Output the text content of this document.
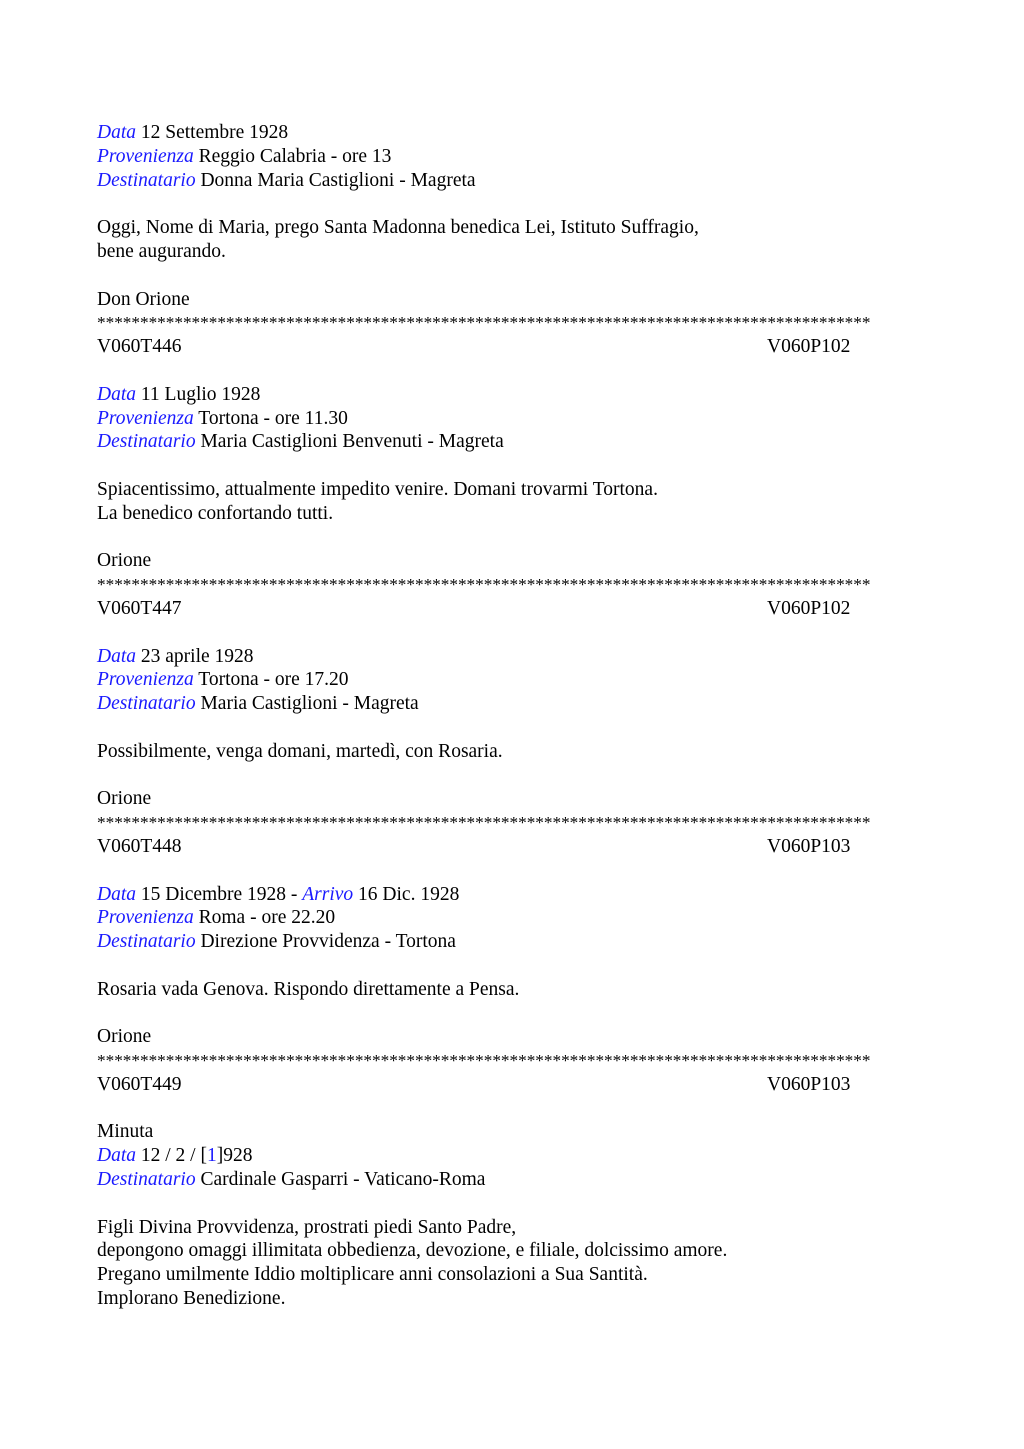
Data 12 Settembre 1928
Provenienza Reggio Calabria - ore 13
Destinatario Donna Maria Castiglioni - Magreta
Oggi, Nome di Maria, prego Santa Madonna benedica Lei, Istituto Suffragio,
bene augurando.
Don Orione
******************************************************************************************
V060T446	V060P102
Data 11 Luglio 1928
Provenienza Tortona - ore 11.30
Destinatario Maria Castiglioni Benvenuti - Magreta
Spiacentissimo, attualmente impedito venire. Domani trovarmi Tortona.
La benedico confortando tutti.
Orione
******************************************************************************************
V060T447	V060P102
Data 23 aprile 1928
Provenienza Tortona - ore 17.20
Destinatario Maria Castiglioni - Magreta
Possibilmente, venga domani, martedì, con Rosaria.
Orione
******************************************************************************************
V060T448	V060P103
Data 15 Dicembre 1928 - Arrivo 16 Dic. 1928
Provenienza Roma - ore 22.20
Destinatario Direzione Provvidenza - Tortona
Rosaria vada Genova. Rispondo direttamente a Pensa.
Orione
******************************************************************************************
V060T449	V060P103
Minuta
Data 12 / 2 / [1]928
Destinatario Cardinale Gasparri - Vaticano-Roma
Figli Divina Provvidenza, prostrati piedi Santo Padre,
depongono omaggi illimitata obbedienza, devozione, e filiale, dolcissimo amore.
Pregano umilmente Iddio moltiplicare anni consolazioni a Sua Santità.
Implorano Benedizione.
